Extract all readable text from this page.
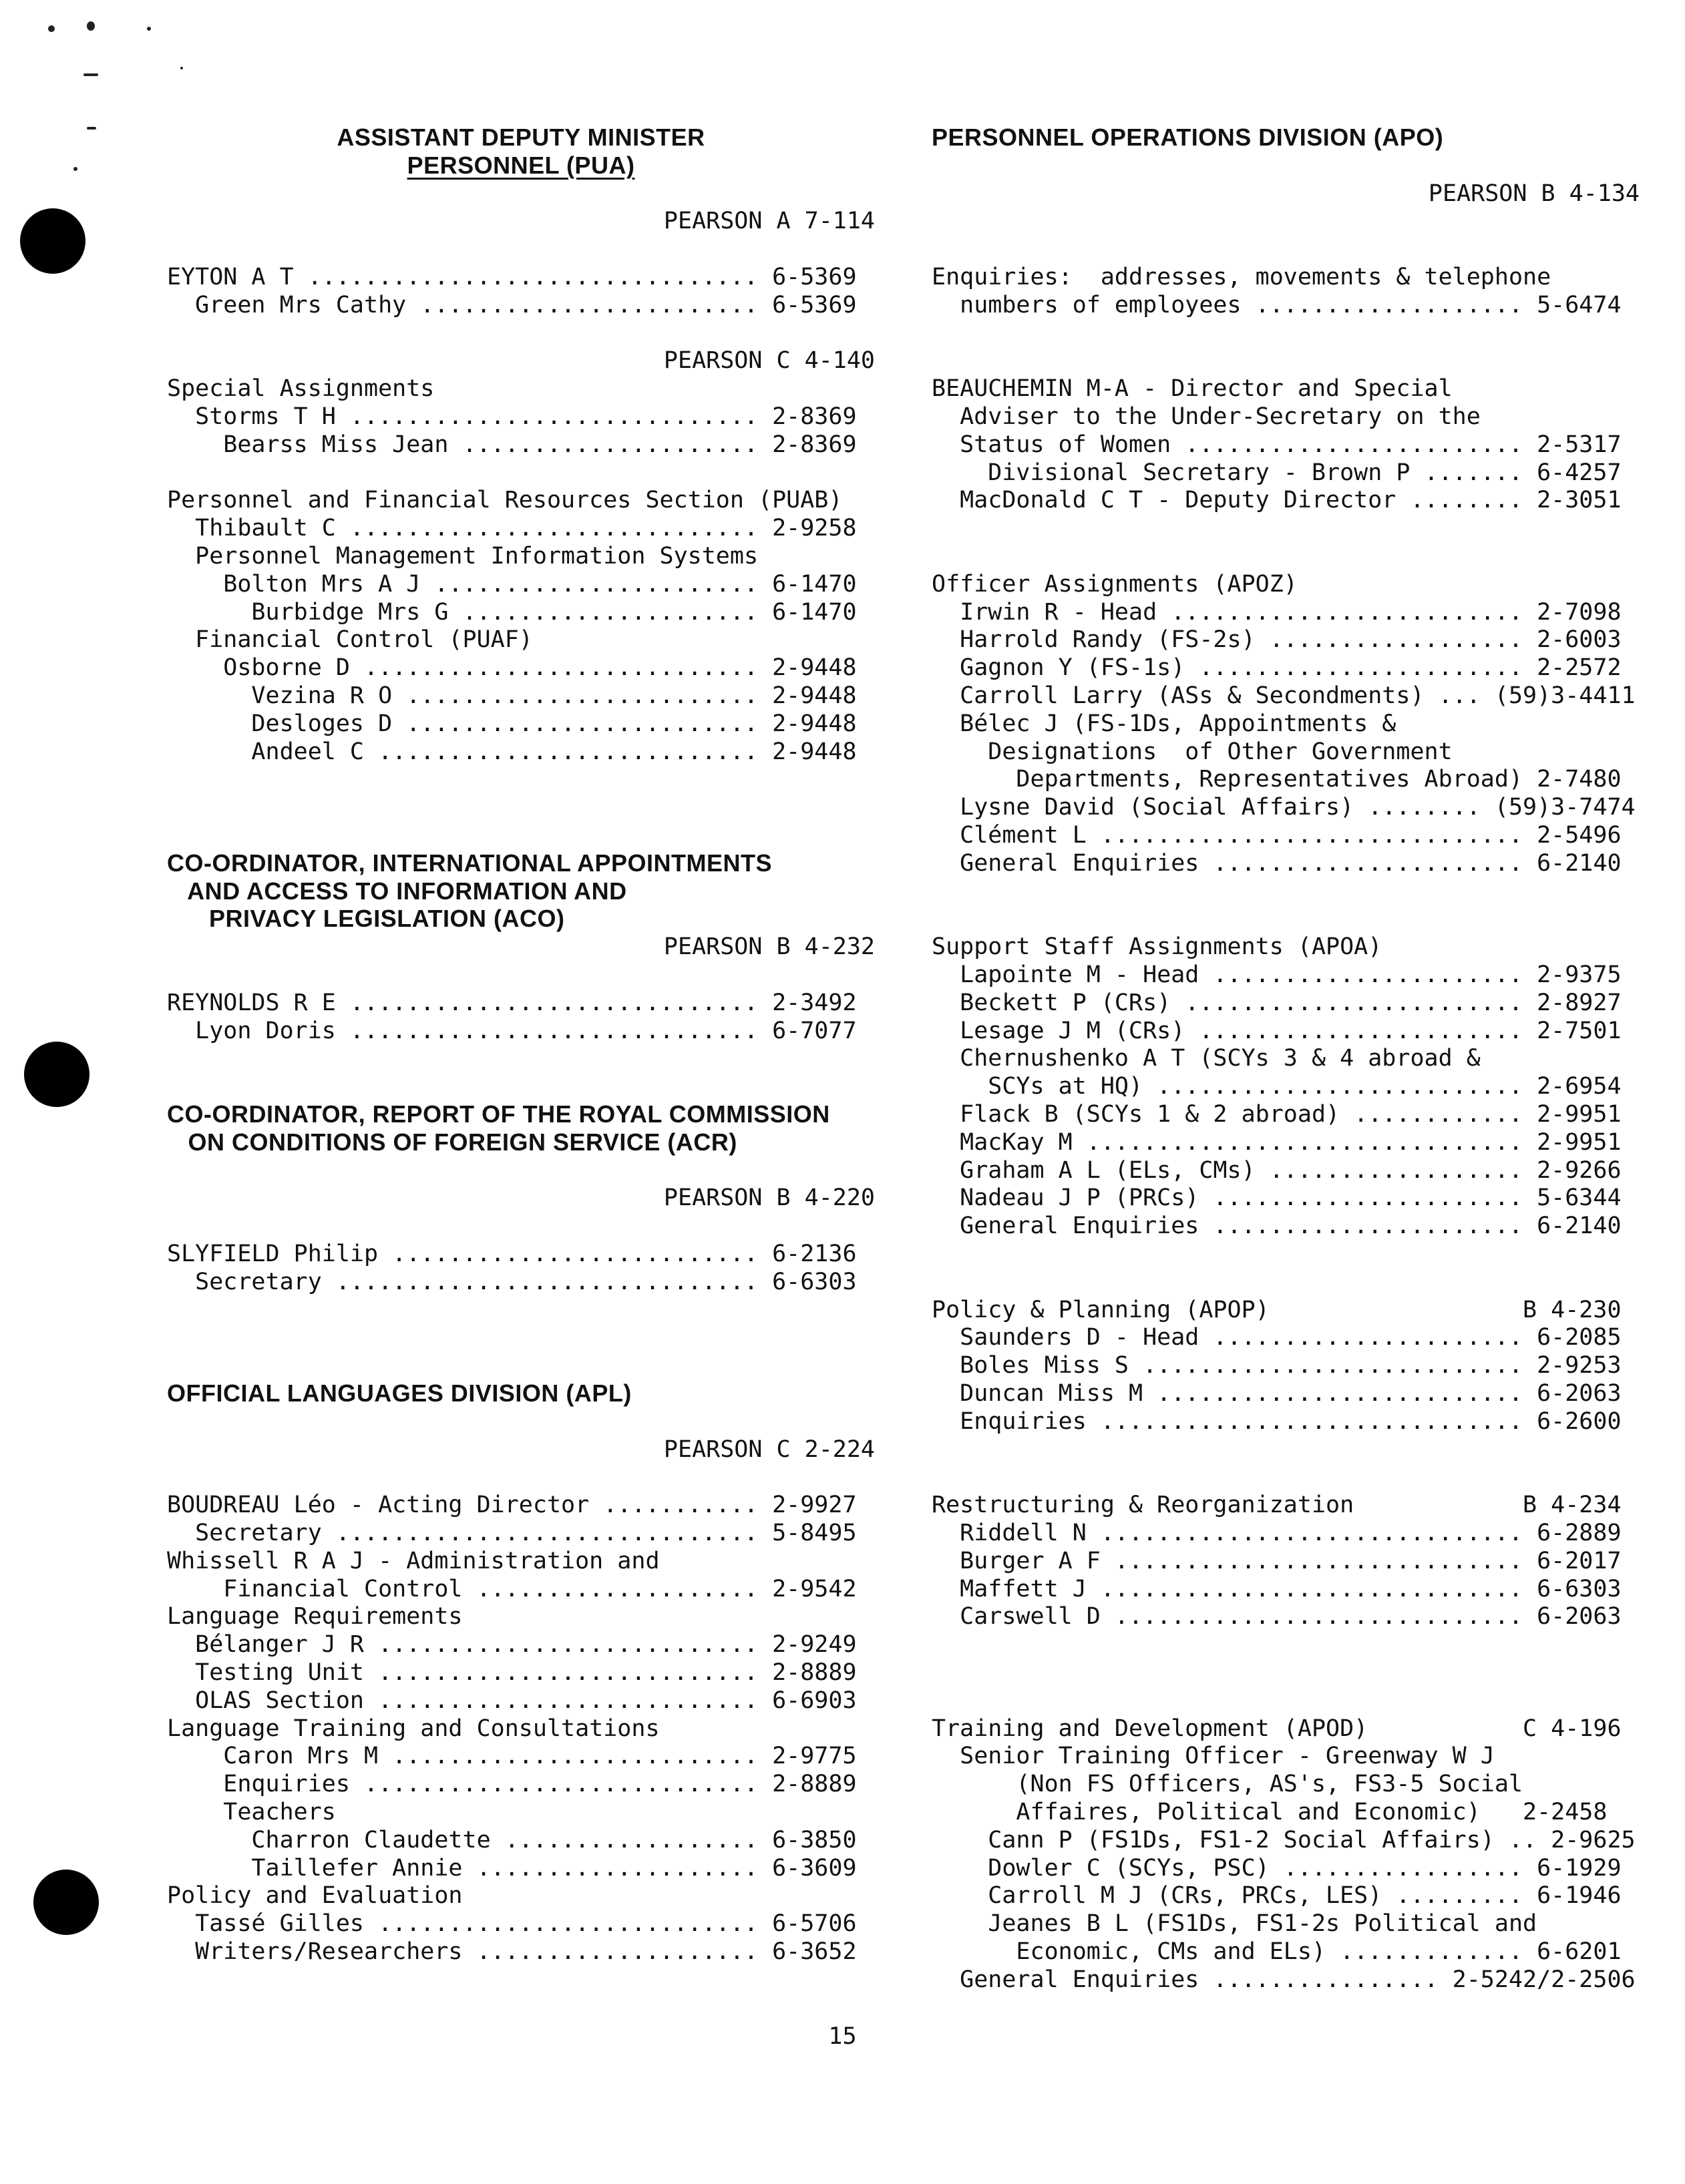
ASSISTANT DEPUTY MINISTER
PERSONNEL (PUA)
PEARSON A 7-114
EYTON A T ................................ 6-5369
Green Mrs Cathy ........................ 6-5369
PEARSON C 4-140
Special Assignments
Storms T H ............................. 2-8369
Bearss Miss Jean ..................... 2-8369
Personnel and Financial Resources Section (PUAB)
Thibault C ............................. 2-9258
Personnel Management Information Systems
Bolton Mrs A J ....................... 6-1470
Burbidge Mrs G ..................... 6-1470
Financial Control (PUAF)
Osborne D ............................ 2-9448
Vezina R O ......................... 2-9448
Desloges D ......................... 2-9448
Andeel C ........................... 2-9448
CO-ORDINATOR, INTERNATIONAL APPOINTMENTS
AND ACCESS TO INFORMATION AND
PRIVACY LEGISLATION (ACO)
PEARSON B 4-232
REYNOLDS R E ............................. 2-3492
Lyon Doris ............................. 6-7077
CO-ORDINATOR, REPORT OF THE ROYAL COMMISSION
ON CONDITIONS OF FOREIGN SERVICE (ACR)
PEARSON B 4-220
SLYFIELD Philip .......................... 6-2136
Secretary .............................. 6-6303
OFFICIAL LANGUAGES DIVISION (APL)
PEARSON C 2-224
BOUDREAU Léo - Acting Director ........... 2-9927
Secretary .............................. 5-8495
Whissell R A J - Administration and
Financial Control .................... 2-9542
Language Requirements
Bélanger J R ........................... 2-9249
Testing Unit ........................... 2-8889
OLAS Section ........................... 6-6903
Language Training and Consultations
Caron Mrs M .......................... 2-9775
Enquiries ............................ 2-8889
Teachers
Charron Claudette .................. 6-3850
Taillefer Annie .................... 6-3609
Policy and Evaluation
Tassé Gilles ........................... 6-5706
Writers/Researchers .................... 6-3652
PERSONNEL OPERATIONS DIVISION (APO)
PEARSON B 4-134
Enquiries:  addresses, movements & telephone
numbers of employees ................... 5-6474
BEAUCHEMIN M-A - Director and Special
Adviser to the Under-Secretary on the
Status of Women ........................ 2-5317
Divisional Secretary - Brown P ....... 6-4257
MacDonald C T - Deputy Director ........ 2-3051
Officer Assignments (APOZ)
Irwin R - Head ......................... 2-7098
Harrold Randy (FS-2s) .................. 2-6003
Gagnon Y (FS-1s) ....................... 2-2572
Carroll Larry (ASs & Secondments) ... (59)3-4411
Bélec J (FS-1Ds, Appointments &
Designations  of Other Government
Departments, Representatives Abroad) 2-7480
Lysne David (Social Affairs) ........ (59)3-7474
Clément L .............................. 2-5496
General Enquiries ...................... 6-2140
Support Staff Assignments (APOA)
Lapointe M - Head ...................... 2-9375
Beckett P (CRs) ........................ 2-8927
Lesage J M (CRs) ....................... 2-7501
Chernushenko A T (SCYs 3 & 4 abroad &
SCYs at HQ) .......................... 2-6954
Flack B (SCYs 1 & 2 abroad) ............ 2-9951
MacKay M ............................... 2-9951
Graham A L (ELs, CMs) .................. 2-9266
Nadeau J P (PRCs) ...................... 5-6344
General Enquiries ...................... 6-2140
Policy & Planning (APOP)                  B 4-230
Saunders D - Head ...................... 6-2085
Boles Miss S ........................... 2-9253
Duncan Miss M .......................... 6-2063
Enquiries .............................. 6-2600
Restructuring & Reorganization            B 4-234
Riddell N .............................. 6-2889
Burger A F ............................. 6-2017
Maffett J .............................. 6-6303
Carswell D ............................. 6-2063
Training and Development (APOD)           C 4-196
Senior Training Officer - Greenway W J
(Non FS Officers, AS's, FS3-5 Social
Affaires, Political and Economic)   2-2458
Cann P (FS1Ds, FS1-2 Social Affairs) .. 2-9625
Dowler C (SCYs, PSC) ................. 6-1929
Carroll M J (CRs, PRCs, LES) ......... 6-1946
Jeanes B L (FS1Ds, FS1-2s Political and
Economic, CMs and ELs) ............. 6-6201
General Enquiries ................ 2-5242/2-2506
15
